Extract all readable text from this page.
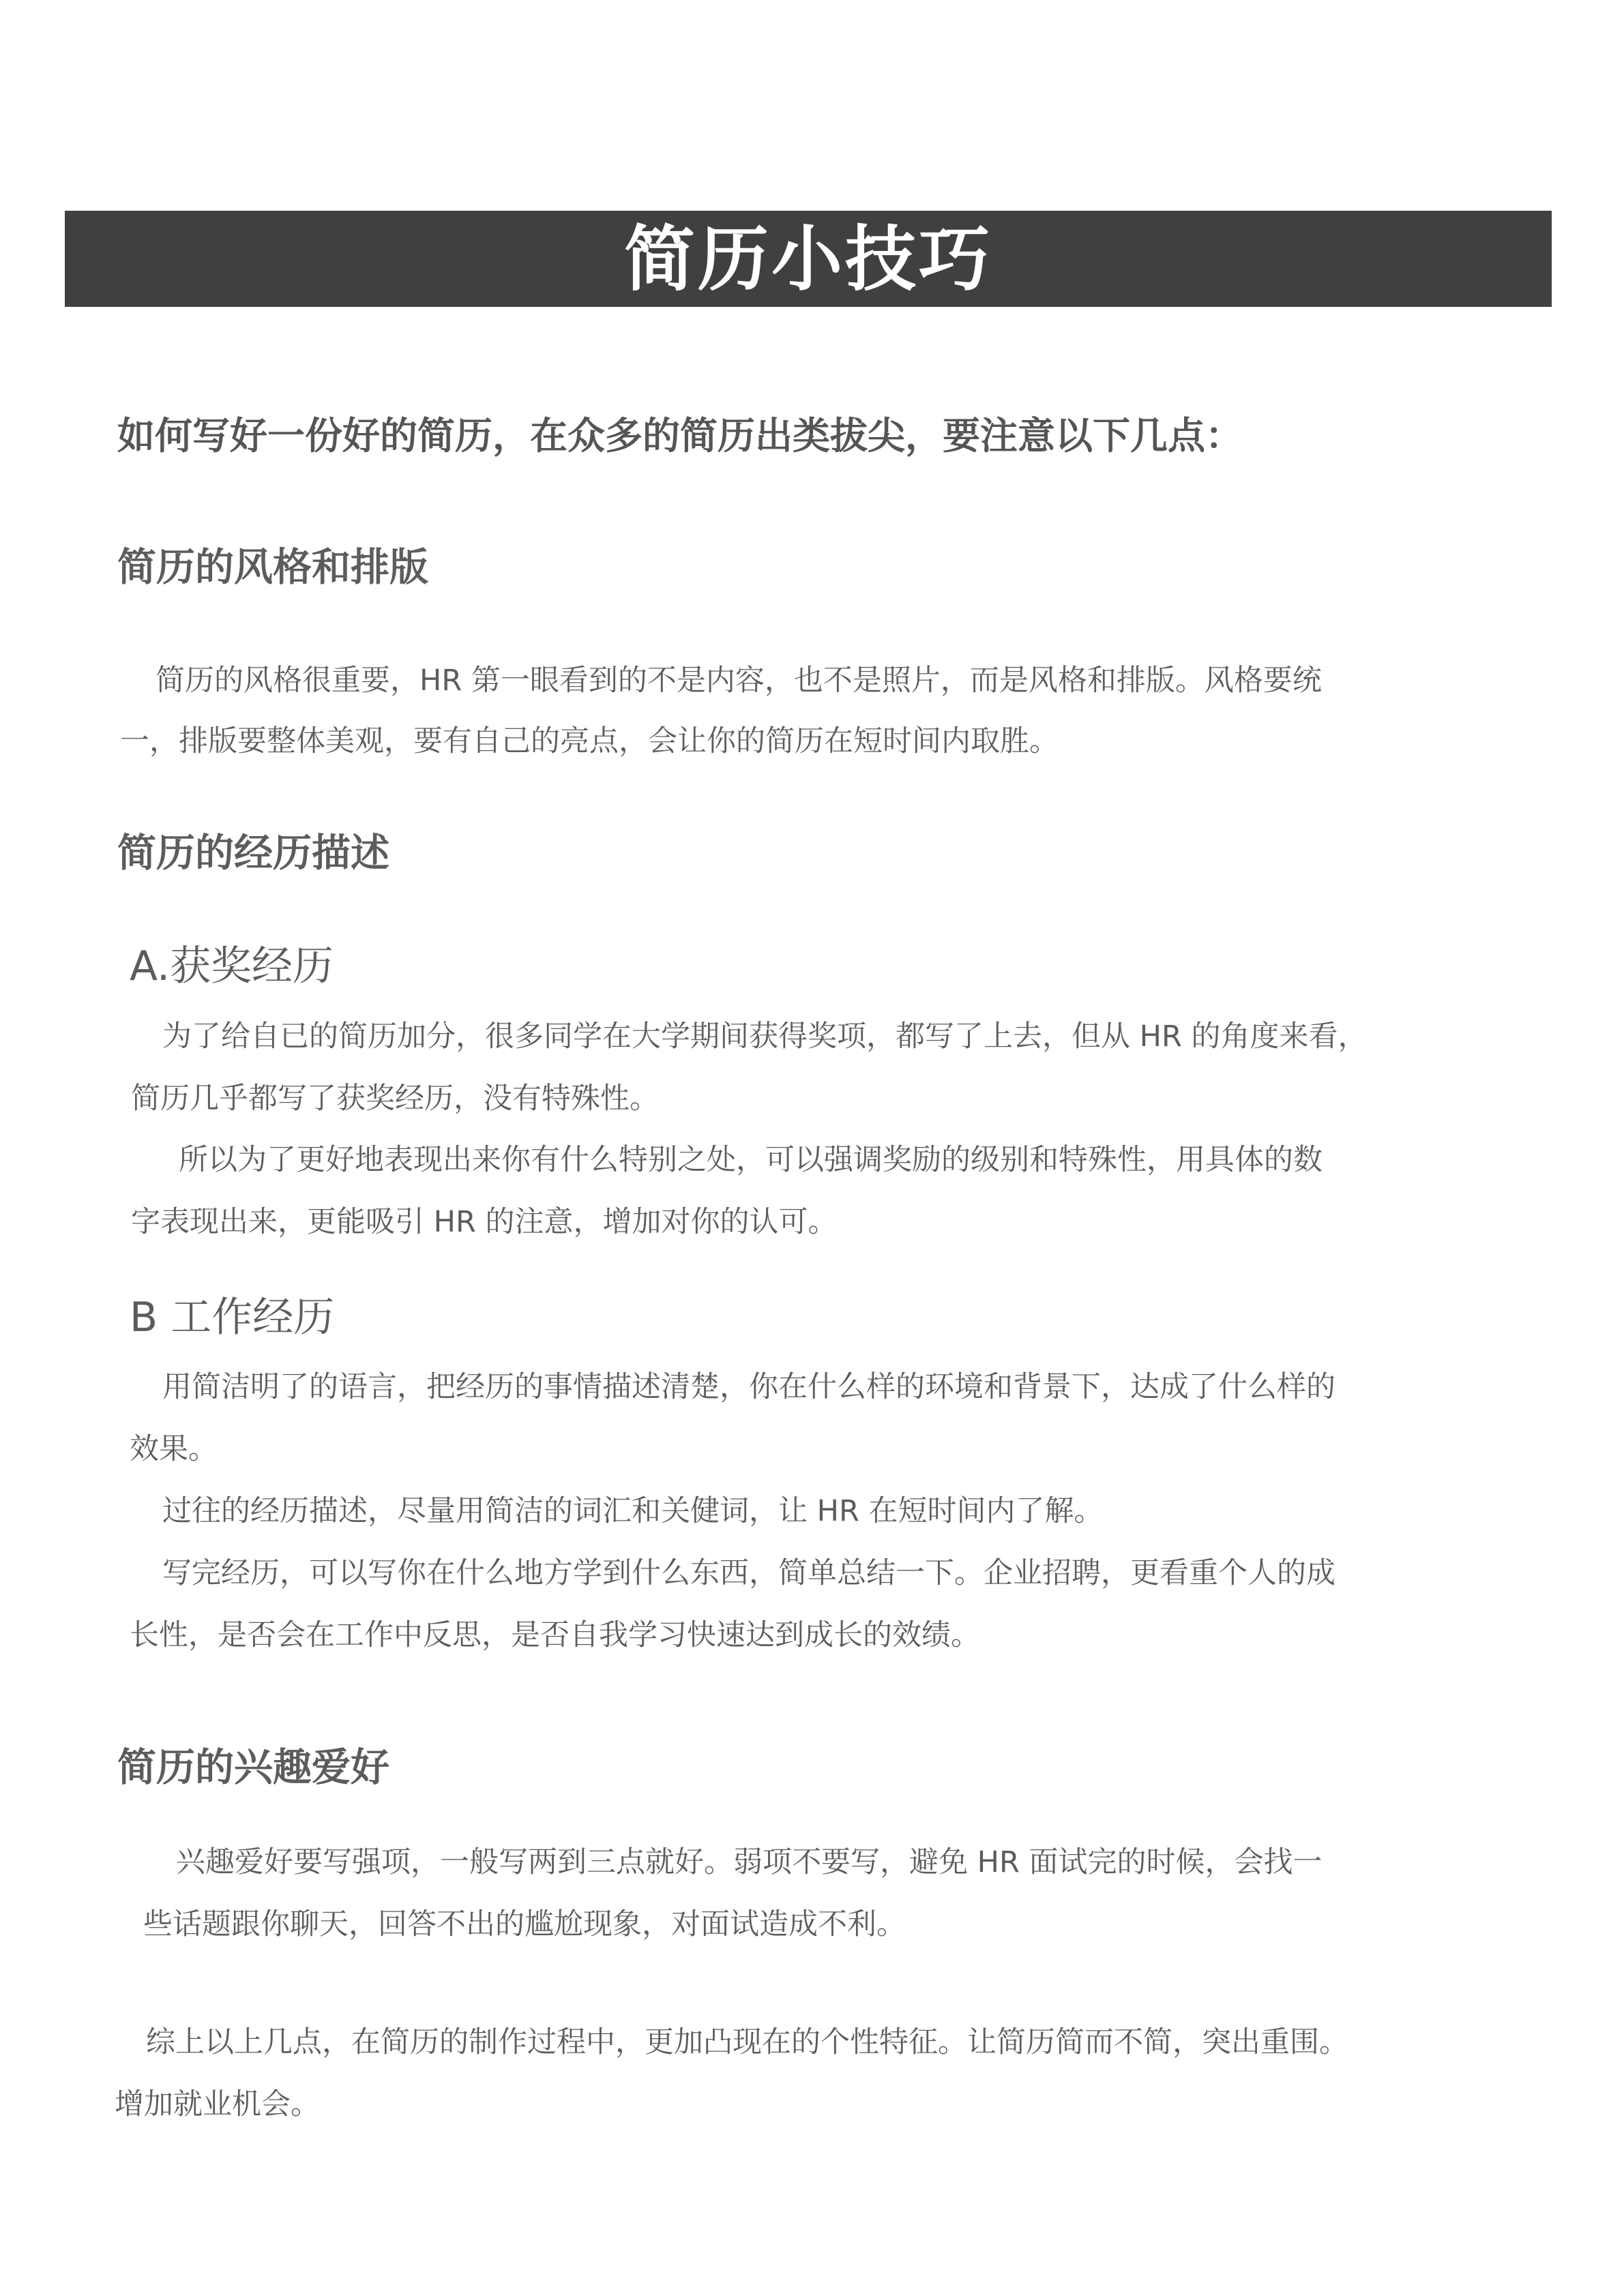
简历小技巧
如何写好一份好的简历，在众多的简历出类拔尖，要注意以下几点：
简历的风格和排版
简历的风格很重要，HR 第一眼看到的不是内容，也不是照片，而是风格和排版。风格要统
一，排版要整体美观，要有自己的亮点，会让你的简历在短时间内取胜。
简历的经历描述
A.获奖经历
为了给自已的简历加分，很多同学在大学期间获得奖项，都写了上去，但从 HR 的角度来看，
简历几乎都写了获奖经历，没有特殊性。
所以为了更好地表现出来你有什么特别之处，可以强调奖励的级别和特殊性，用具体的数
字表现出来，更能吸引 HR 的注意，增加对你的认可。
B 工作经历
用简洁明了的语言，把经历的事情描述清楚，你在什么样的环境和背景下，达成了什么样的
效果。
过往的经历描述，尽量用简洁的词汇和关健词，让 HR 在短时间内了解。
写完经历，可以写你在什么地方学到什么东西，简单总结一下。企业招聘，更看重个人的成
长性，是否会在工作中反思，是否自我学习快速达到成长的效绩。
简历的兴趣爱好
兴趣爱好要写强项，一般写两到三点就好。弱项不要写，避免 HR 面试完的时候，会找一
些话题跟你聊天，回答不出的尴尬现象，对面试造成不利。
综上以上几点，在简历的制作过程中，更加凸现在的个性特征。让简历简而不简，突出重围。
增加就业机会。
